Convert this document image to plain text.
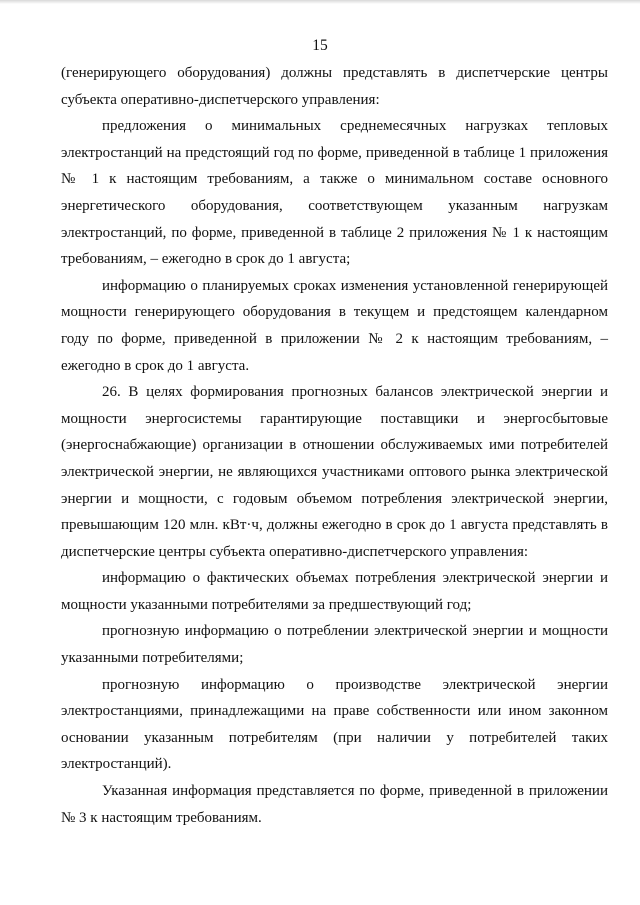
15

(генерирующего оборудования) должны представлять в диспетчерские центры субъекта оперативно-диспетчерского управления:

предложения о минимальных среднемесячных нагрузках тепловых электростанций на предстоящий год по форме, приведенной в таблице 1 приложения № 1 к настоящим требованиям, а также о минимальном составе основного энергетического оборудования, соответствующем указанным нагрузкам электростанций, по форме, приведенной в таблице 2 приложения № 1 к настоящим требованиям, – ежегодно в срок до 1 августа;

информацию о планируемых сроках изменения установленной генерирующей мощности генерирующего оборудования в текущем и предстоящем календарном году по форме, приведенной в приложении № 2 к настоящим требованиям, – ежегодно в срок до 1 августа.

26. В целях формирования прогнозных балансов электрической энергии и мощности энергосистемы гарантирующие поставщики и энергосбытовые (энергоснабжающие) организации в отношении обслуживаемых ими потребителей электрической энергии, не являющихся участниками оптового рынка электрической энергии и мощности, с годовым объемом потребления электрической энергии, превышающим 120 млн. кВт·ч, должны ежегодно в срок до 1 августа представлять в диспетчерские центры субъекта оперативно-диспетчерского управления:

информацию о фактических объемах потребления электрической энергии и мощности указанными потребителями за предшествующий год;

прогнозную информацию о потреблении электрической энергии и мощности указанными потребителями;

прогнозную информацию о производстве электрической энергии электростанциями, принадлежащими на праве собственности или ином законном основании указанным потребителям (при наличии у потребителей таких электростанций).

Указанная информация представляется по форме, приведенной в приложении № 3 к настоящим требованиям.
